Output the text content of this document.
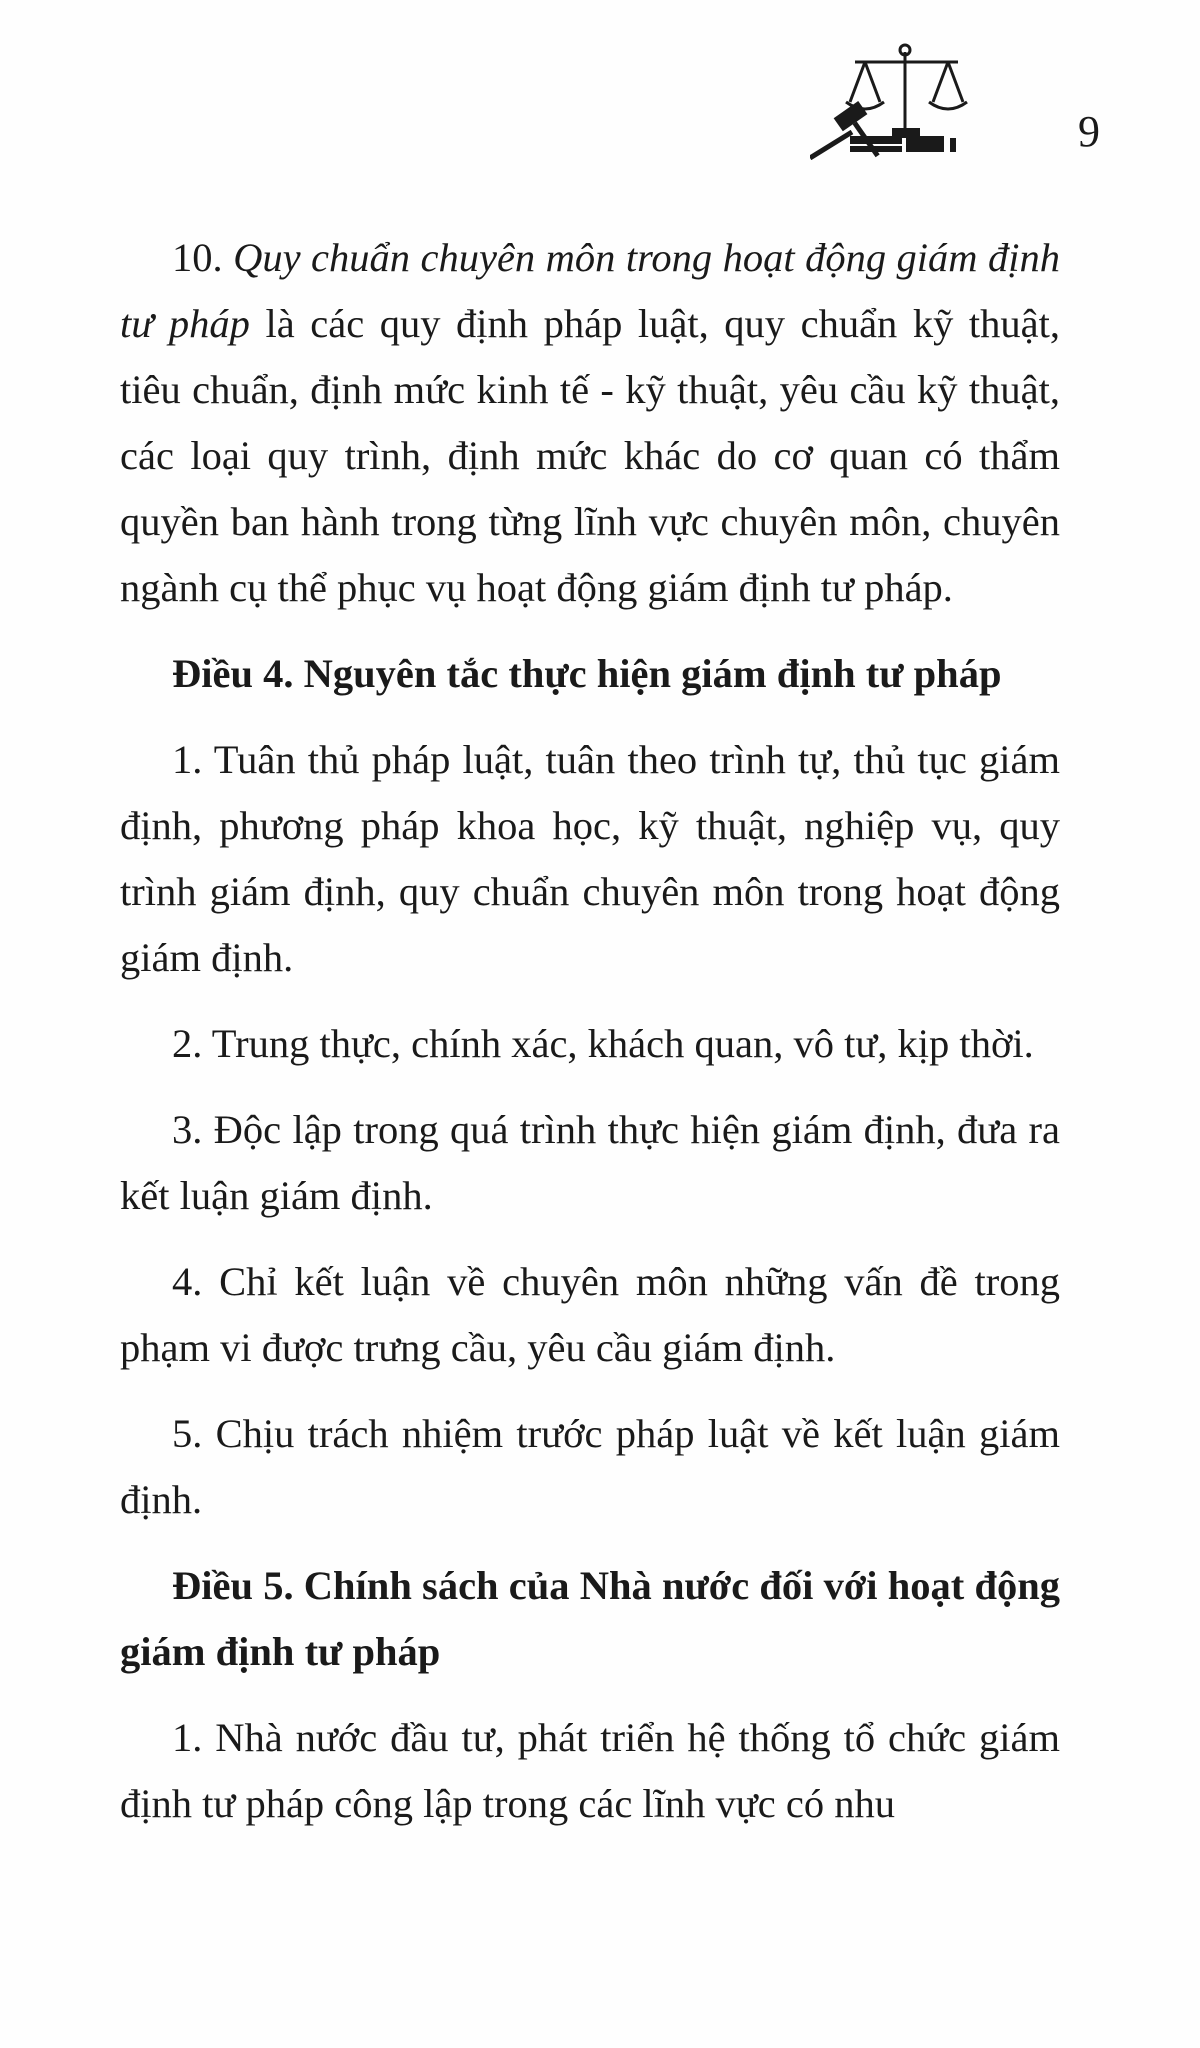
9

10. Quy chuẩn chuyên môn trong hoạt động giám định tư pháp là các quy định pháp luật, quy chuẩn kỹ thuật, tiêu chuẩn, định mức kinh tế - kỹ thuật, yêu cầu kỹ thuật, các loại quy trình, định mức khác do cơ quan có thẩm quyền ban hành trong từng lĩnh vực chuyên môn, chuyên ngành cụ thể phục vụ hoạt động giám định tư pháp.

Điều 4. Nguyên tắc thực hiện giám định tư pháp

1. Tuân thủ pháp luật, tuân theo trình tự, thủ tục giám định, phương pháp khoa học, kỹ thuật, nghiệp vụ, quy trình giám định, quy chuẩn chuyên môn trong hoạt động giám định.

2. Trung thực, chính xác, khách quan, vô tư, kịp thời.

3. Độc lập trong quá trình thực hiện giám định, đưa ra kết luận giám định.

4. Chỉ kết luận về chuyên môn những vấn đề trong phạm vi được trưng cầu, yêu cầu giám định.

5. Chịu trách nhiệm trước pháp luật về kết luận giám định.

Điều 5. Chính sách của Nhà nước đối với hoạt động giám định tư pháp

1. Nhà nước đầu tư, phát triển hệ thống tổ chức giám định tư pháp công lập trong các lĩnh vực có nhu
